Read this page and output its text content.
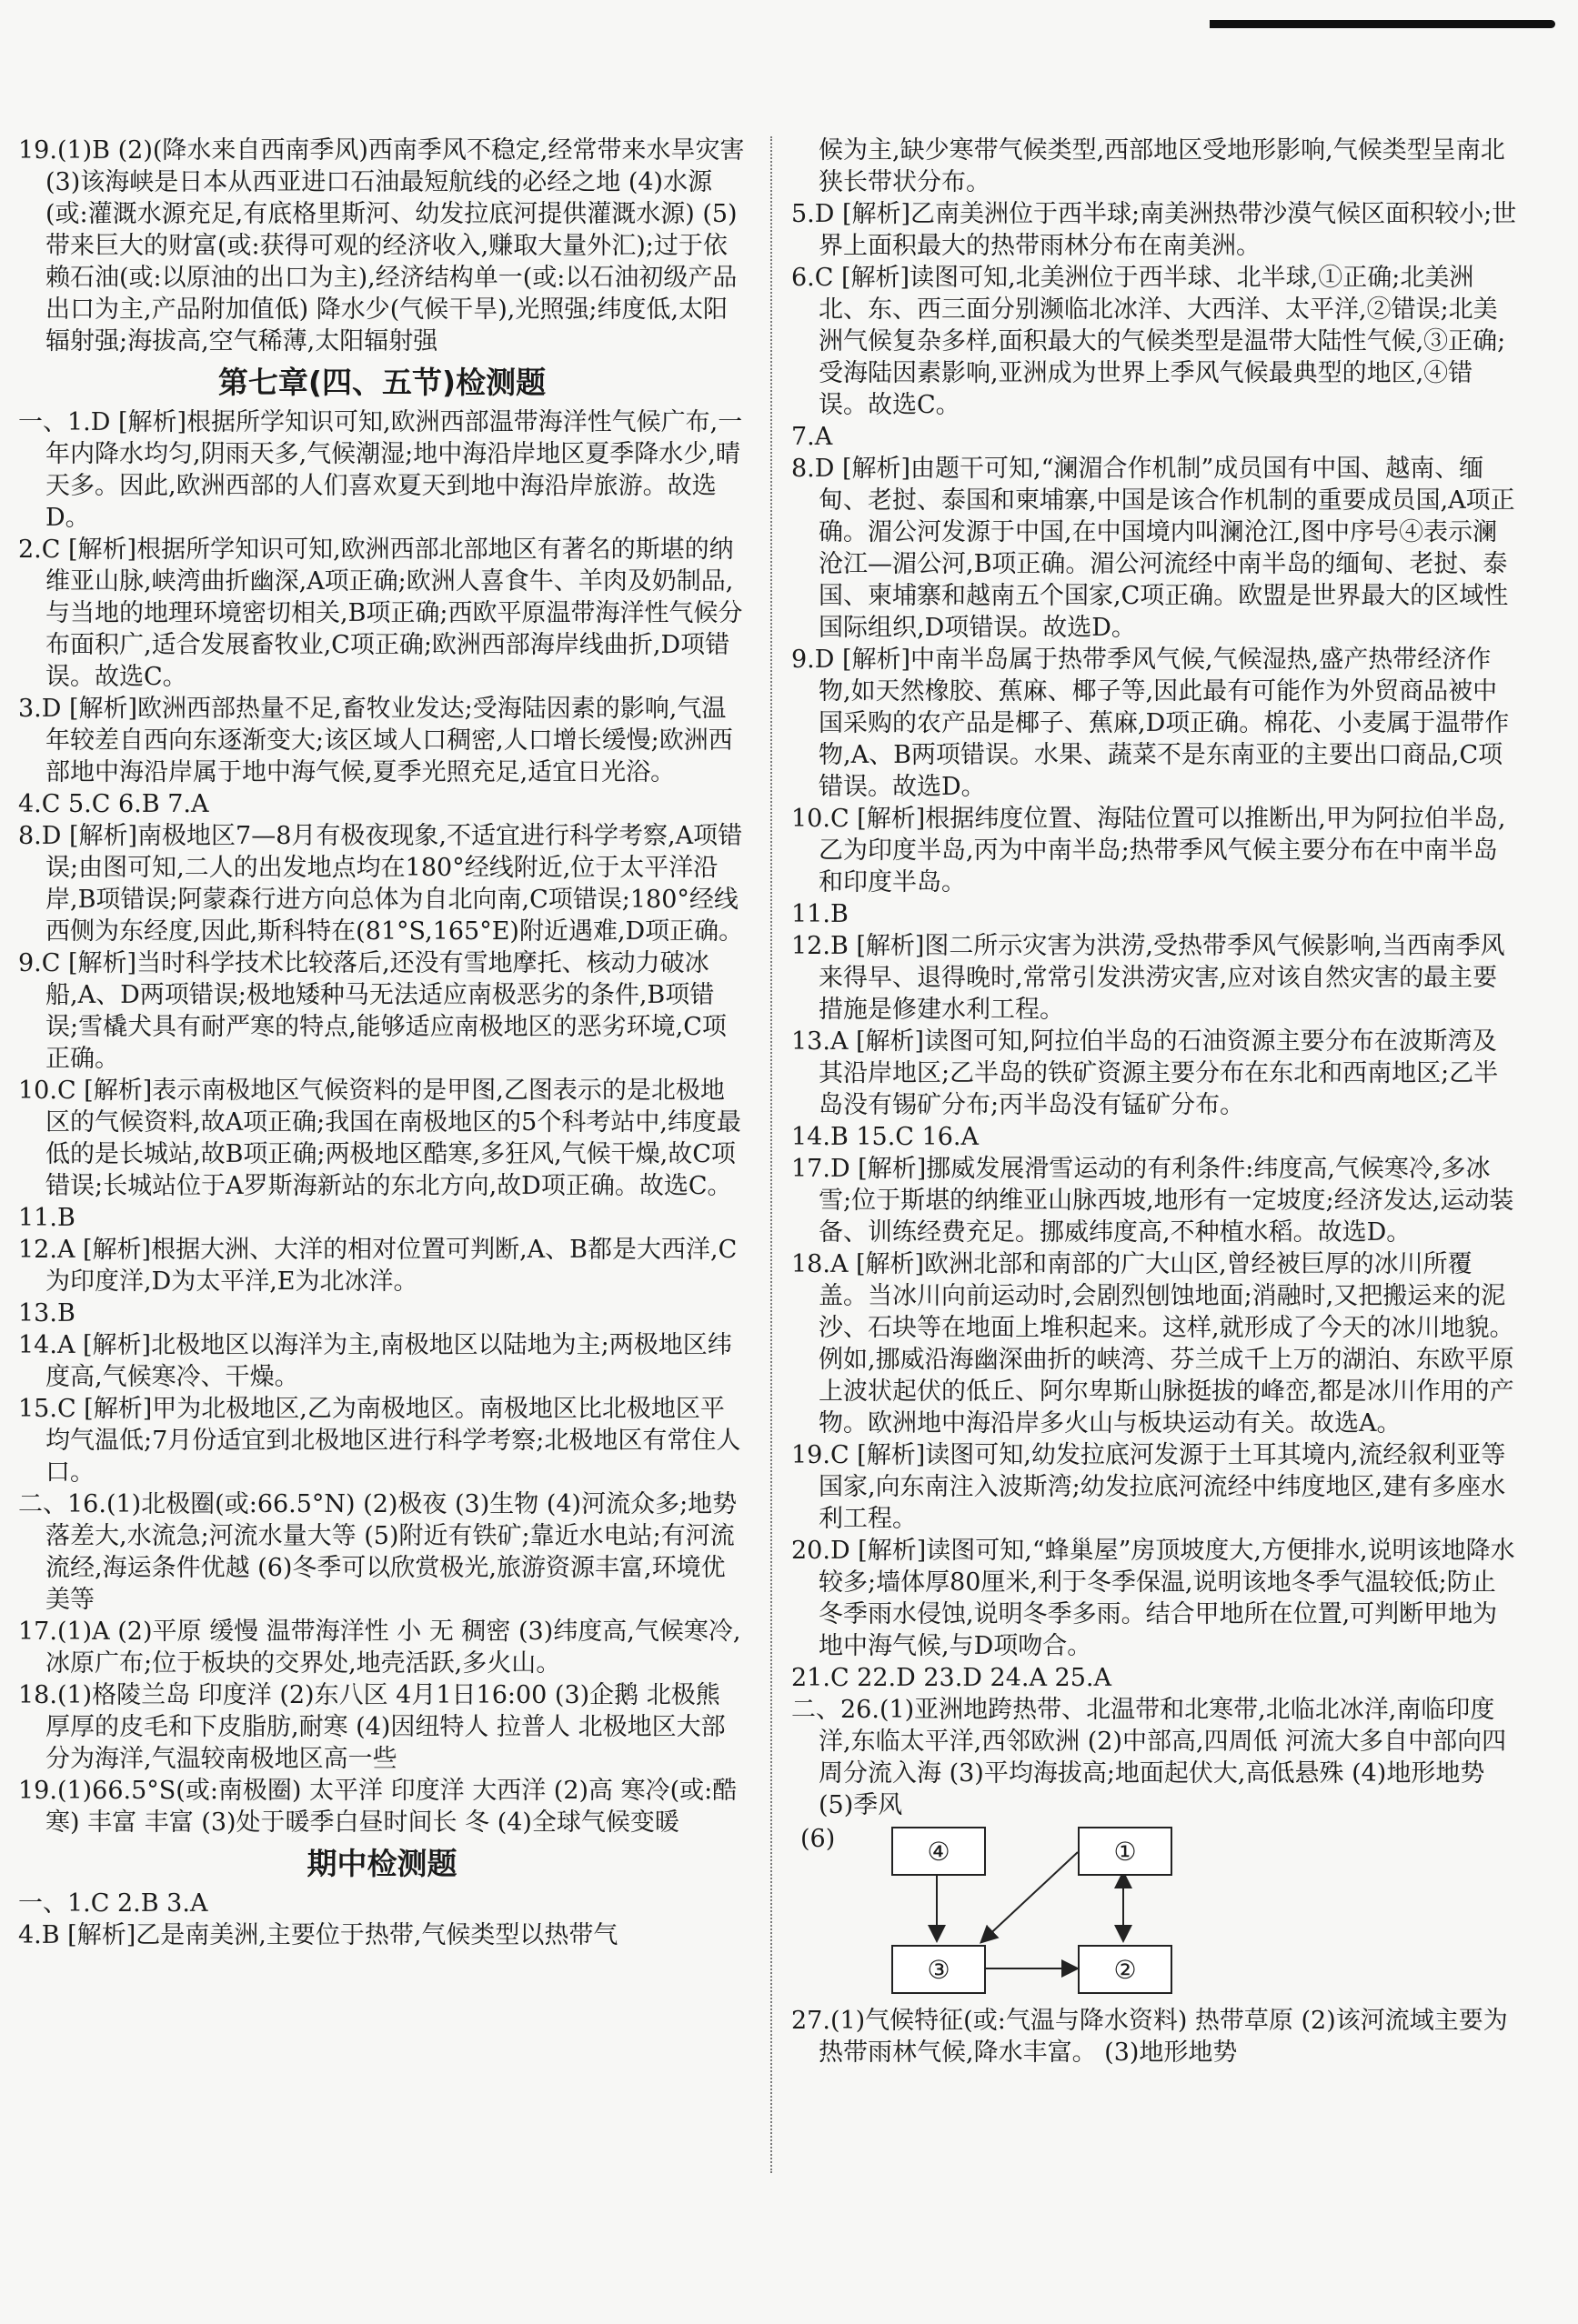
19.(1)B (2)(降水来自西南季风)西南季风不稳定,经常带来水旱灾害 (3)该海峡是日本从西亚进口石油最短航线的必经之地 (4)水源(或:灌溉水源充足,有底格里斯河、幼发拉底河提供灌溉水源) (5)带来巨大的财富(或:获得可观的经济收入,赚取大量外汇);过于依赖石油(或:以原油的出口为主),经济结构单一(或:以石油初级产品出口为主,产品附加值低) 降水少(气候干旱),光照强;纬度低,太阳辐射强;海拔高,空气稀薄,太阳辐射强

第七章(四、五节)检测题

一、1.D [解析]根据所学知识可知,欧洲西部温带海洋性气候广布,一年内降水均匀,阴雨天多,气候潮湿;地中海沿岸地区夏季降水少,晴天多。因此,欧洲西部的人们喜欢夏天到地中海沿岸旅游。故选D。

2.C [解析]根据所学知识可知,欧洲西部北部地区有著名的斯堪的纳维亚山脉,峡湾曲折幽深,A项正确;欧洲人喜食牛、羊肉及奶制品,与当地的地理环境密切相关,B项正确;西欧平原温带海洋性气候分布面积广,适合发展畜牧业,C项正确;欧洲西部海岸线曲折,D项错误。故选C。

3.D [解析]欧洲西部热量不足,畜牧业发达;受海陆因素的影响,气温年较差自西向东逐渐变大;该区域人口稠密,人口增长缓慢;欧洲西部地中海沿岸属于地中海气候,夏季光照充足,适宜日光浴。

4.C 5.C 6.B 7.A

8.D [解析]南极地区7—8月有极夜现象,不适宜进行科学考察,A项错误;由图可知,二人的出发地点均在180°经线附近,位于太平洋沿岸,B项错误;阿蒙森行进方向总体为自北向南,C项错误;180°经线西侧为东经度,因此,斯科特在(81°S,165°E)附近遇难,D项正确。

9.C [解析]当时科学技术比较落后,还没有雪地摩托、核动力破冰船,A、D两项错误;极地矮种马无法适应南极恶劣的条件,B项错误;雪橇犬具有耐严寒的特点,能够适应南极地区的恶劣环境,C项正确。

10.C [解析]表示南极地区气候资料的是甲图,乙图表示的是北极地区的气候资料,故A项正确;我国在南极地区的5个科考站中,纬度最低的是长城站,故B项正确;两极地区酷寒,多狂风,气候干燥,故C项错误;长城站位于A罗斯海新站的东北方向,故D项正确。故选C。

11.B

12.A [解析]根据大洲、大洋的相对位置可判断,A、B都是大西洋,C为印度洋,D为太平洋,E为北冰洋。

13.B

14.A [解析]北极地区以海洋为主,南极地区以陆地为主;两极地区纬度高,气候寒冷、干燥。

15.C [解析]甲为北极地区,乙为南极地区。南极地区比北极地区平均气温低;7月份适宜到北极地区进行科学考察;北极地区有常住人口。

二、16.(1)北极圈(或:66.5°N) (2)极夜 (3)生物 (4)河流众多;地势落差大,水流急;河流水量大等 (5)附近有铁矿;靠近水电站;有河流流经,海运条件优越 (6)冬季可以欣赏极光,旅游资源丰富,环境优美等

17.(1)A (2)平原 缓慢 温带海洋性 小 无 稠密 (3)纬度高,气候寒冷,冰原广布;位于板块的交界处,地壳活跃,多火山。

18.(1)格陵兰岛 印度洋 (2)东八区 4月1日16:00 (3)企鹅 北极熊 厚厚的皮毛和下皮脂肪,耐寒 (4)因纽特人 拉普人 北极地区大部分为海洋,气温较南极地区高一些

19.(1)66.5°S(或:南极圈) 太平洋 印度洋 大西洋 (2)高 寒冷(或:酷寒) 丰富 丰富 (3)处于暖季白昼时间长 冬 (4)全球气候变暖

期中检测题

一、1.C 2.B 3.A

4.B [解析]乙是南美洲,主要位于热带,气候类型以热带气

候为主,缺少寒带气候类型,西部地区受地形影响,气候类型呈南北狭长带状分布。

5.D [解析]乙南美洲位于西半球;南美洲热带沙漠气候区面积较小;世界上面积最大的热带雨林分布在南美洲。

6.C [解析]读图可知,北美洲位于西半球、北半球,①正确;北美洲北、东、西三面分别濒临北冰洋、大西洋、太平洋,②错误;北美洲气候复杂多样,面积最大的气候类型是温带大陆性气候,③正确;受海陆因素影响,亚洲成为世界上季风气候最典型的地区,④错误。故选C。

7.A

8.D [解析]由题干可知,“澜湄合作机制”成员国有中国、越南、缅甸、老挝、泰国和柬埔寨,中国是该合作机制的重要成员国,A项正确。湄公河发源于中国,在中国境内叫澜沧江,图中序号④表示澜沧江—湄公河,B项正确。湄公河流经中南半岛的缅甸、老挝、泰国、柬埔寨和越南五个国家,C项正确。欧盟是世界最大的区域性国际组织,D项错误。故选D。

9.D [解析]中南半岛属于热带季风气候,气候湿热,盛产热带经济作物,如天然橡胶、蕉麻、椰子等,因此最有可能作为外贸商品被中国采购的农产品是椰子、蕉麻,D项正确。棉花、小麦属于温带作物,A、B两项错误。水果、蔬菜不是东南亚的主要出口商品,C项错误。故选D。

10.C [解析]根据纬度位置、海陆位置可以推断出,甲为阿拉伯半岛,乙为印度半岛,丙为中南半岛;热带季风气候主要分布在中南半岛和印度半岛。

11.B

12.B [解析]图二所示灾害为洪涝,受热带季风气候影响,当西南季风来得早、退得晚时,常常引发洪涝灾害,应对该自然灾害的最主要措施是修建水利工程。

13.A [解析]读图可知,阿拉伯半岛的石油资源主要分布在波斯湾及其沿岸地区;乙半岛的铁矿资源主要分布在东北和西南地区;乙半岛没有锡矿分布;丙半岛没有锰矿分布。

14.B 15.C 16.A

17.D [解析]挪威发展滑雪运动的有利条件:纬度高,气候寒冷,多冰雪;位于斯堪的纳维亚山脉西坡,地形有一定坡度;经济发达,运动装备、训练经费充足。挪威纬度高,不种植水稻。故选D。

18.A [解析]欧洲北部和南部的广大山区,曾经被巨厚的冰川所覆盖。当冰川向前运动时,会剧烈刨蚀地面;消融时,又把搬运来的泥沙、石块等在地面上堆积起来。这样,就形成了今天的冰川地貌。例如,挪威沿海幽深曲折的峡湾、芬兰成千上万的湖泊、东欧平原上波状起伏的低丘、阿尔卑斯山脉挺拔的峰峦,都是冰川作用的产物。欧洲地中海沿岸多火山与板块运动有关。故选A。

19.C [解析]读图可知,幼发拉底河发源于土耳其境内,流经叙利亚等国家,向东南注入波斯湾;幼发拉底河流经中纬度地区,建有多座水利工程。

20.D [解析]读图可知,“蜂巢屋”房顶坡度大,方便排水,说明该地降水较多;墙体厚80厘米,利于冬季保温,说明该地冬季气温较低;防止冬季雨水侵蚀,说明冬季多雨。结合甲地所在位置,可判断甲地为地中海气候,与D项吻合。

21.C 22.D 23.D 24.A 25.A

二、26.(1)亚洲地跨热带、北温带和北寒带,北临北冰洋,南临印度洋,东临太平洋,西邻欧洲 (2)中部高,四周低 河流大多自中部向四周分流入海 (3)平均海拔高;地面起伏大,高低悬殊 (4)地形地势 (5)季风

(6)	④	①
③	②

27.(1)气候特征(或:气温与降水资料) 热带草原 (2)该河流域主要为热带雨林气候,降水丰富。 (3)地形地势
